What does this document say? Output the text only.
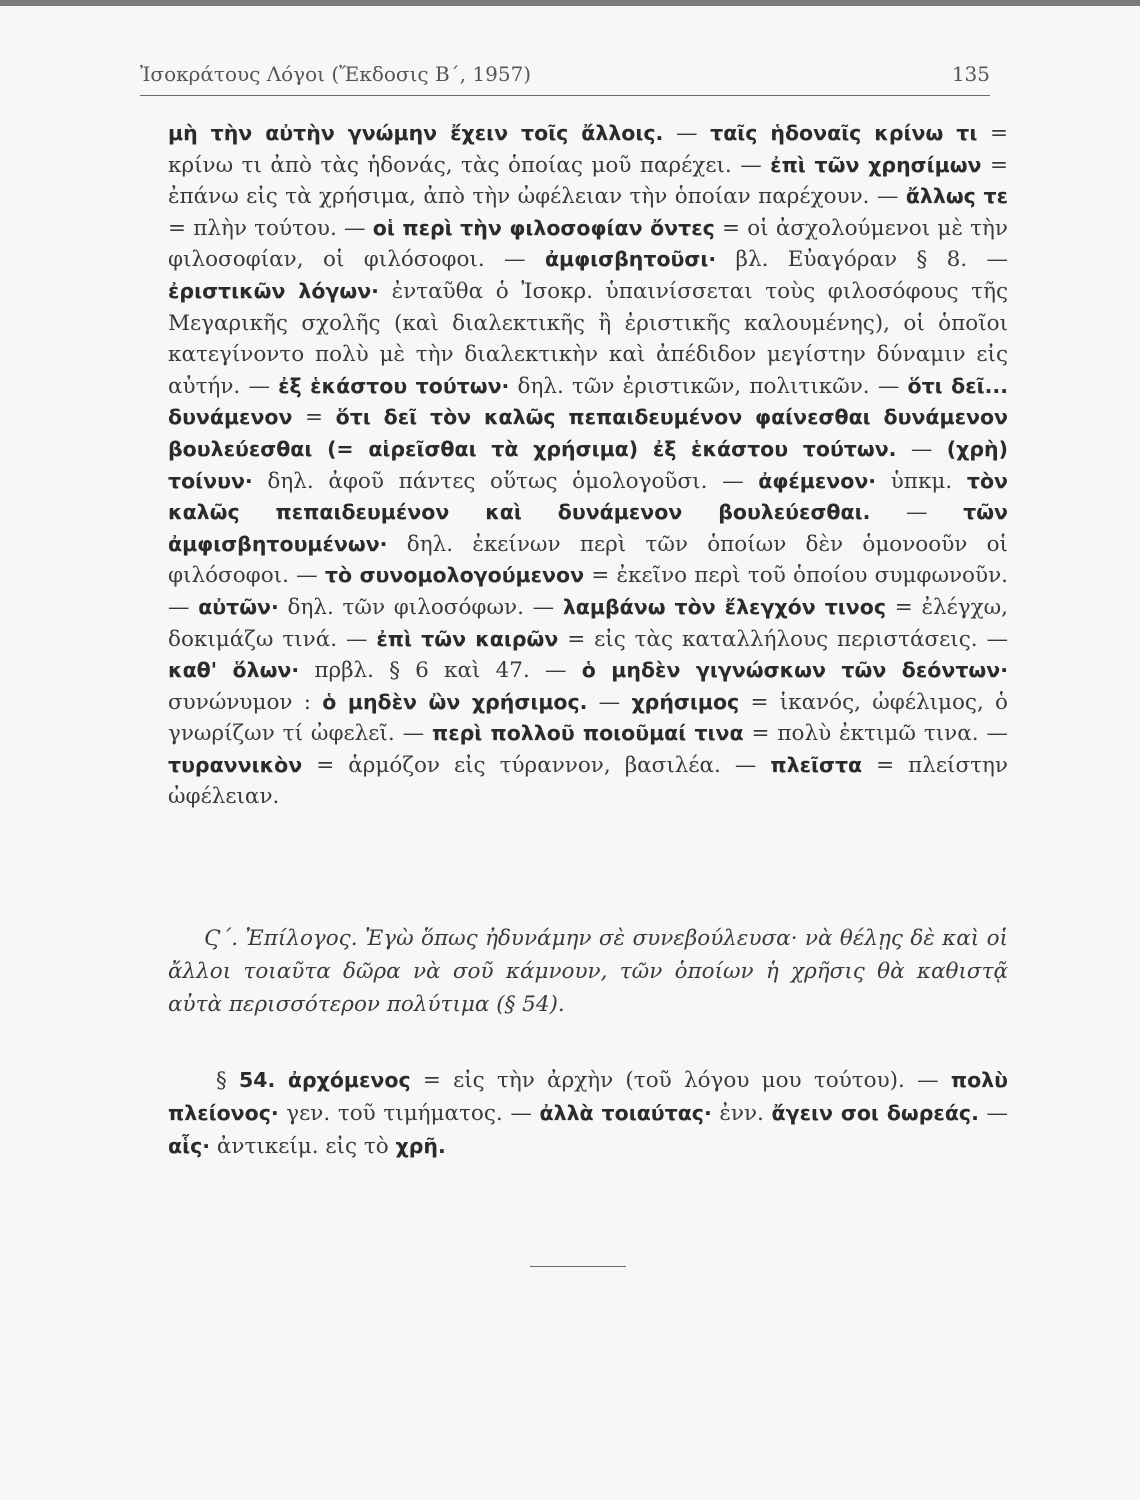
Ἰσοκράτους Λόγοι (Ἔκδοσις Β΄, 1957)	135

μὴ τὴν αὐτὴν γνώμην ἔχειν τοῖς ἄλλοις. — ταῖς ἡδοναῖς κρίνω τι = κρίνω τι ἀπὸ τὰς ἡδονάς, τὰς ὁποίας μοῦ παρέχει. — ἐπὶ τῶν χρησίμων = ἐπάνω εἰς τὰ χρήσιμα, ἀπὸ τὴν ὠφέλειαν τὴν ὁποίαν παρέχουν. — ἄλλως τε = πλὴν τούτου. — οἱ περὶ τὴν φιλοσοφίαν ὄντες = οἱ ἀσχολούμενοι μὲ τὴν φιλοσοφίαν, οἱ φιλόσοφοι. — ἀμφισβητοῦσι· βλ. Εὐαγόραν § 8. — ἐριστικῶν λόγων· ἐνταῦθα ὁ Ἰσοκρ. ὑπαινίσσεται τοὺς φιλοσόφους τῆς Μεγαρικῆς σχολῆς (καὶ διαλεκτικῆς ἢ ἐριστικῆς καλουμένης), οἱ ὁποῖοι κατεγίνοντο πολὺ μὲ τὴν διαλεκτικὴν καὶ ἀπέδιδον μεγίστην δύναμιν εἰς αὐτήν. — ἐξ ἑκάστου τούτων· δηλ. τῶν ἐριστικῶν, πολιτικῶν. — ὅτι δεῖ... δυνάμενον = ὅτι δεῖ τὸν καλῶς πεπαιδευμένον φαίνεσθαι δυνάμενον βουλεύεσθαι (= αἱρεῖσθαι τὰ χρήσιμα) ἐξ ἑκάστου τούτων. — (χρὴ) τοίνυν· δηλ. ἀφοῦ πάντες οὕτως ὁμολογοῦσι. — ἀφέμενον· ὑπκμ. τὸν καλῶς πεπαιδευμένον καὶ δυνάμενον βουλεύεσθαι. — τῶν ἀμφισβητουμένων· δηλ. ἐκείνων περὶ τῶν ὁποίων δὲν ὁμονοοῦν οἱ φιλόσοφοι. — τὸ συνομολογούμενον = ἐκεῖνο περὶ τοῦ ὁποίου συμφωνοῦν. — αὐτῶν· δηλ. τῶν φιλοσόφων. — λαμβάνω τὸν ἔλεγχόν τινος = ἐλέγχω, δοκιμάζω τινά. — ἐπὶ τῶν καιρῶν = εἰς τὰς καταλλήλους περιστάσεις. — καθ' ὅλων· πρβλ. § 6 καὶ 47. — ὁ μηδὲν γιγνώσκων τῶν δεόντων· συνώνυμον : ὁ μηδὲν ὢν χρήσιμος. — χρήσιμος = ἱκανός, ὠφέλιμος, ὁ γνωρίζων τί ὠφελεῖ. — περὶ πολλοῦ ποιοῦμαί τινα = πολὺ ἐκτιμῶ τινα. — τυραννικὸν = ἁρμόζον εἰς τύραννον, βασιλέα. — πλεῖστα = πλείστην ὠφέλειαν.

Ϛ΄. Ἐπίλογος. Ἐγὼ ὅπως ἠδυνάμην σὲ συνεβούλευσα· νὰ θέλῃς δὲ καὶ οἱ ἄλλοι τοιαῦτα δῶρα νὰ σοῦ κάμνουν, τῶν ὁποίων ἡ χρῆσις θὰ καθιστᾷ αὐτὰ περισσότερον πολύτιμα (§ 54).

§ 54. ἀρχόμενος = εἰς τὴν ἀρχὴν (τοῦ λόγου μου τούτου). — πολὺ πλείονος· γεν. τοῦ τιμήματος. — ἀλλὰ τοιαύτας· ἐνν. ἄγειν σοι δωρεάς. — αἷς· ἀντικείμ. εἰς τὸ χρῆ.
